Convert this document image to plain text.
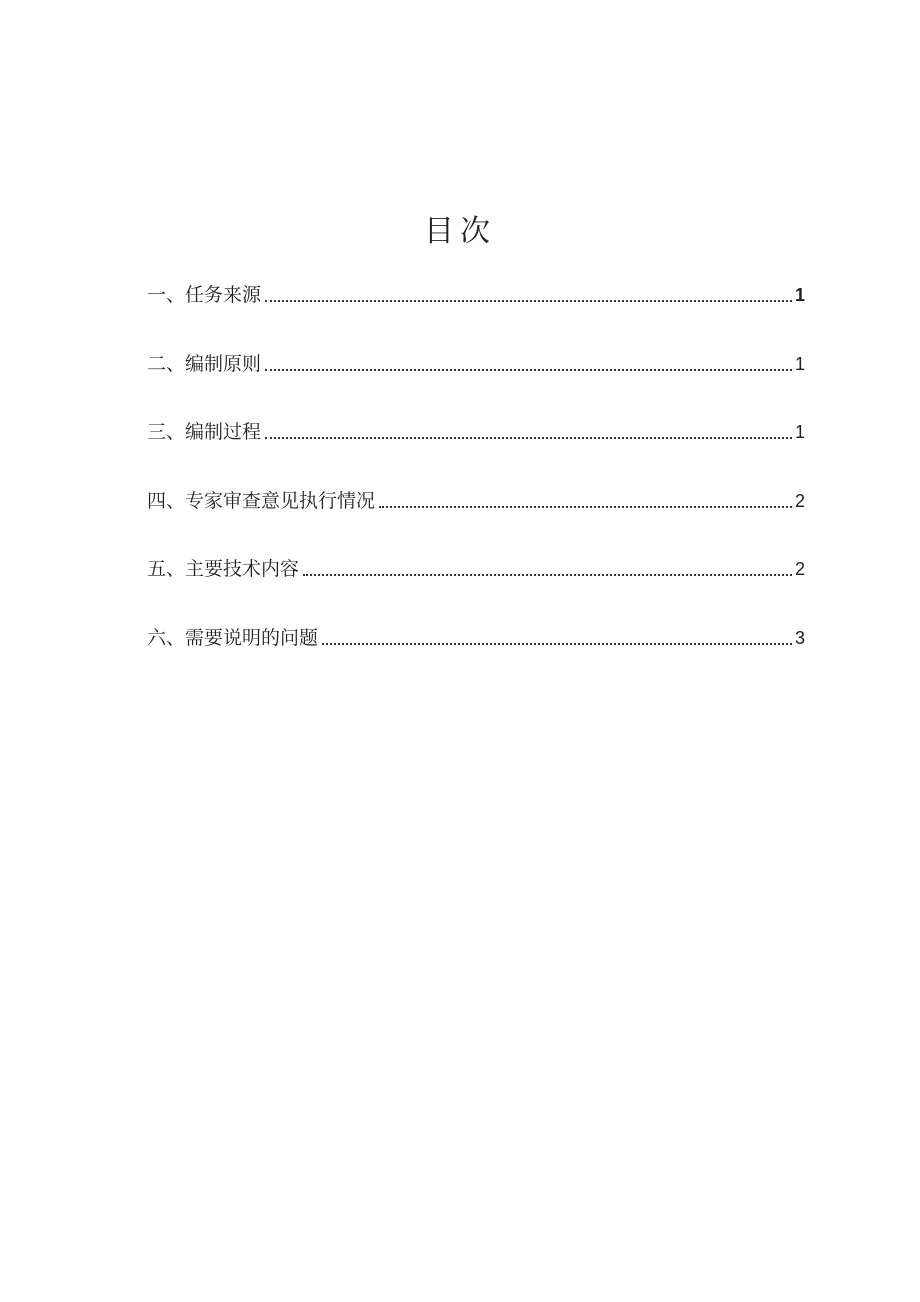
目次
一、 任务来源	1
二、 编制原则	1
三、 编制过程	1
四、 专家审查意见执行情况	2
五、 主要技术内容	2
六、 需要说明的问题	3
